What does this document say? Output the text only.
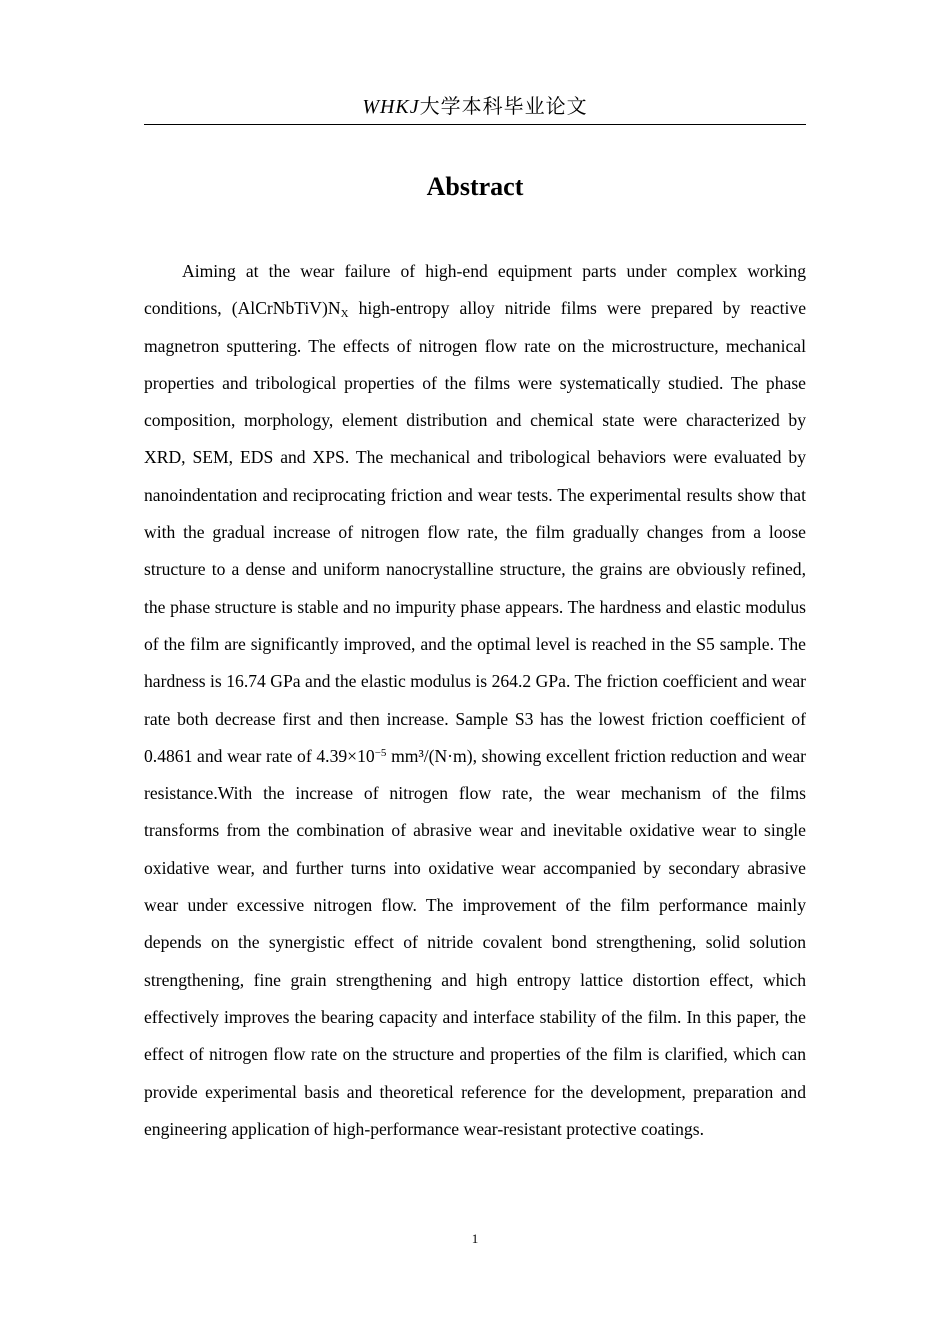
WHKJ大学本科毕业论文
Abstract

Aiming at the wear failure of high-end equipment parts under complex working conditions, $(AlCrNbTiV)N_X$ high-entropy alloy nitride films were prepared by reactive magnetron sputtering. The effects of nitrogen flow rate on the microstructure, mechanical properties and tribological properties of the films were systematically studied. The phase composition, morphology, element distribution and chemical state were characterized by XRD, SEM, EDS and XPS. The mechanical and tribological behaviors were evaluated by nanoindentation and reciprocating friction and wear tests. The experimental results show that with the gradual increase of nitrogen flow rate, the film gradually changes from a loose structure to a dense and uniform nanocrystalline structure, the grains are obviously refined, the phase structure is stable and no impurity phase appears. The hardness and elastic modulus of the film are significantly improved, and the optimal level is reached in the S5 sample. The hardness is 16.74 GPa and the elastic modulus is 264.2 GPa. The friction coefficient and wear rate both decrease first and then increase. Sample S3 has the lowest friction coefficient of 0.4861 and wear rate of $4.39\times 10^{-5}$ mm³/(N·m), showing excellent friction reduction and wear resistance.With the increase of nitrogen flow rate, the wear mechanism of the films transforms from the combination of abrasive wear and inevitable oxidative wear to single oxidative wear, and further turns into oxidative wear accompanied by secondary abrasive wear under excessive nitrogen flow. The improvement of the film performance mainly depends on the synergistic effect of nitride covalent bond strengthening, solid solution strengthening, fine grain strengthening and high entropy lattice distortion effect, which effectively improves the bearing capacity and interface stability of the film. In this paper, the effect of nitrogen flow rate on the structure and properties of the film is clarified, which can provide experimental basis and theoretical reference for the development, preparation and engineering application of high-performance wear-resistant protective coatings.

1
